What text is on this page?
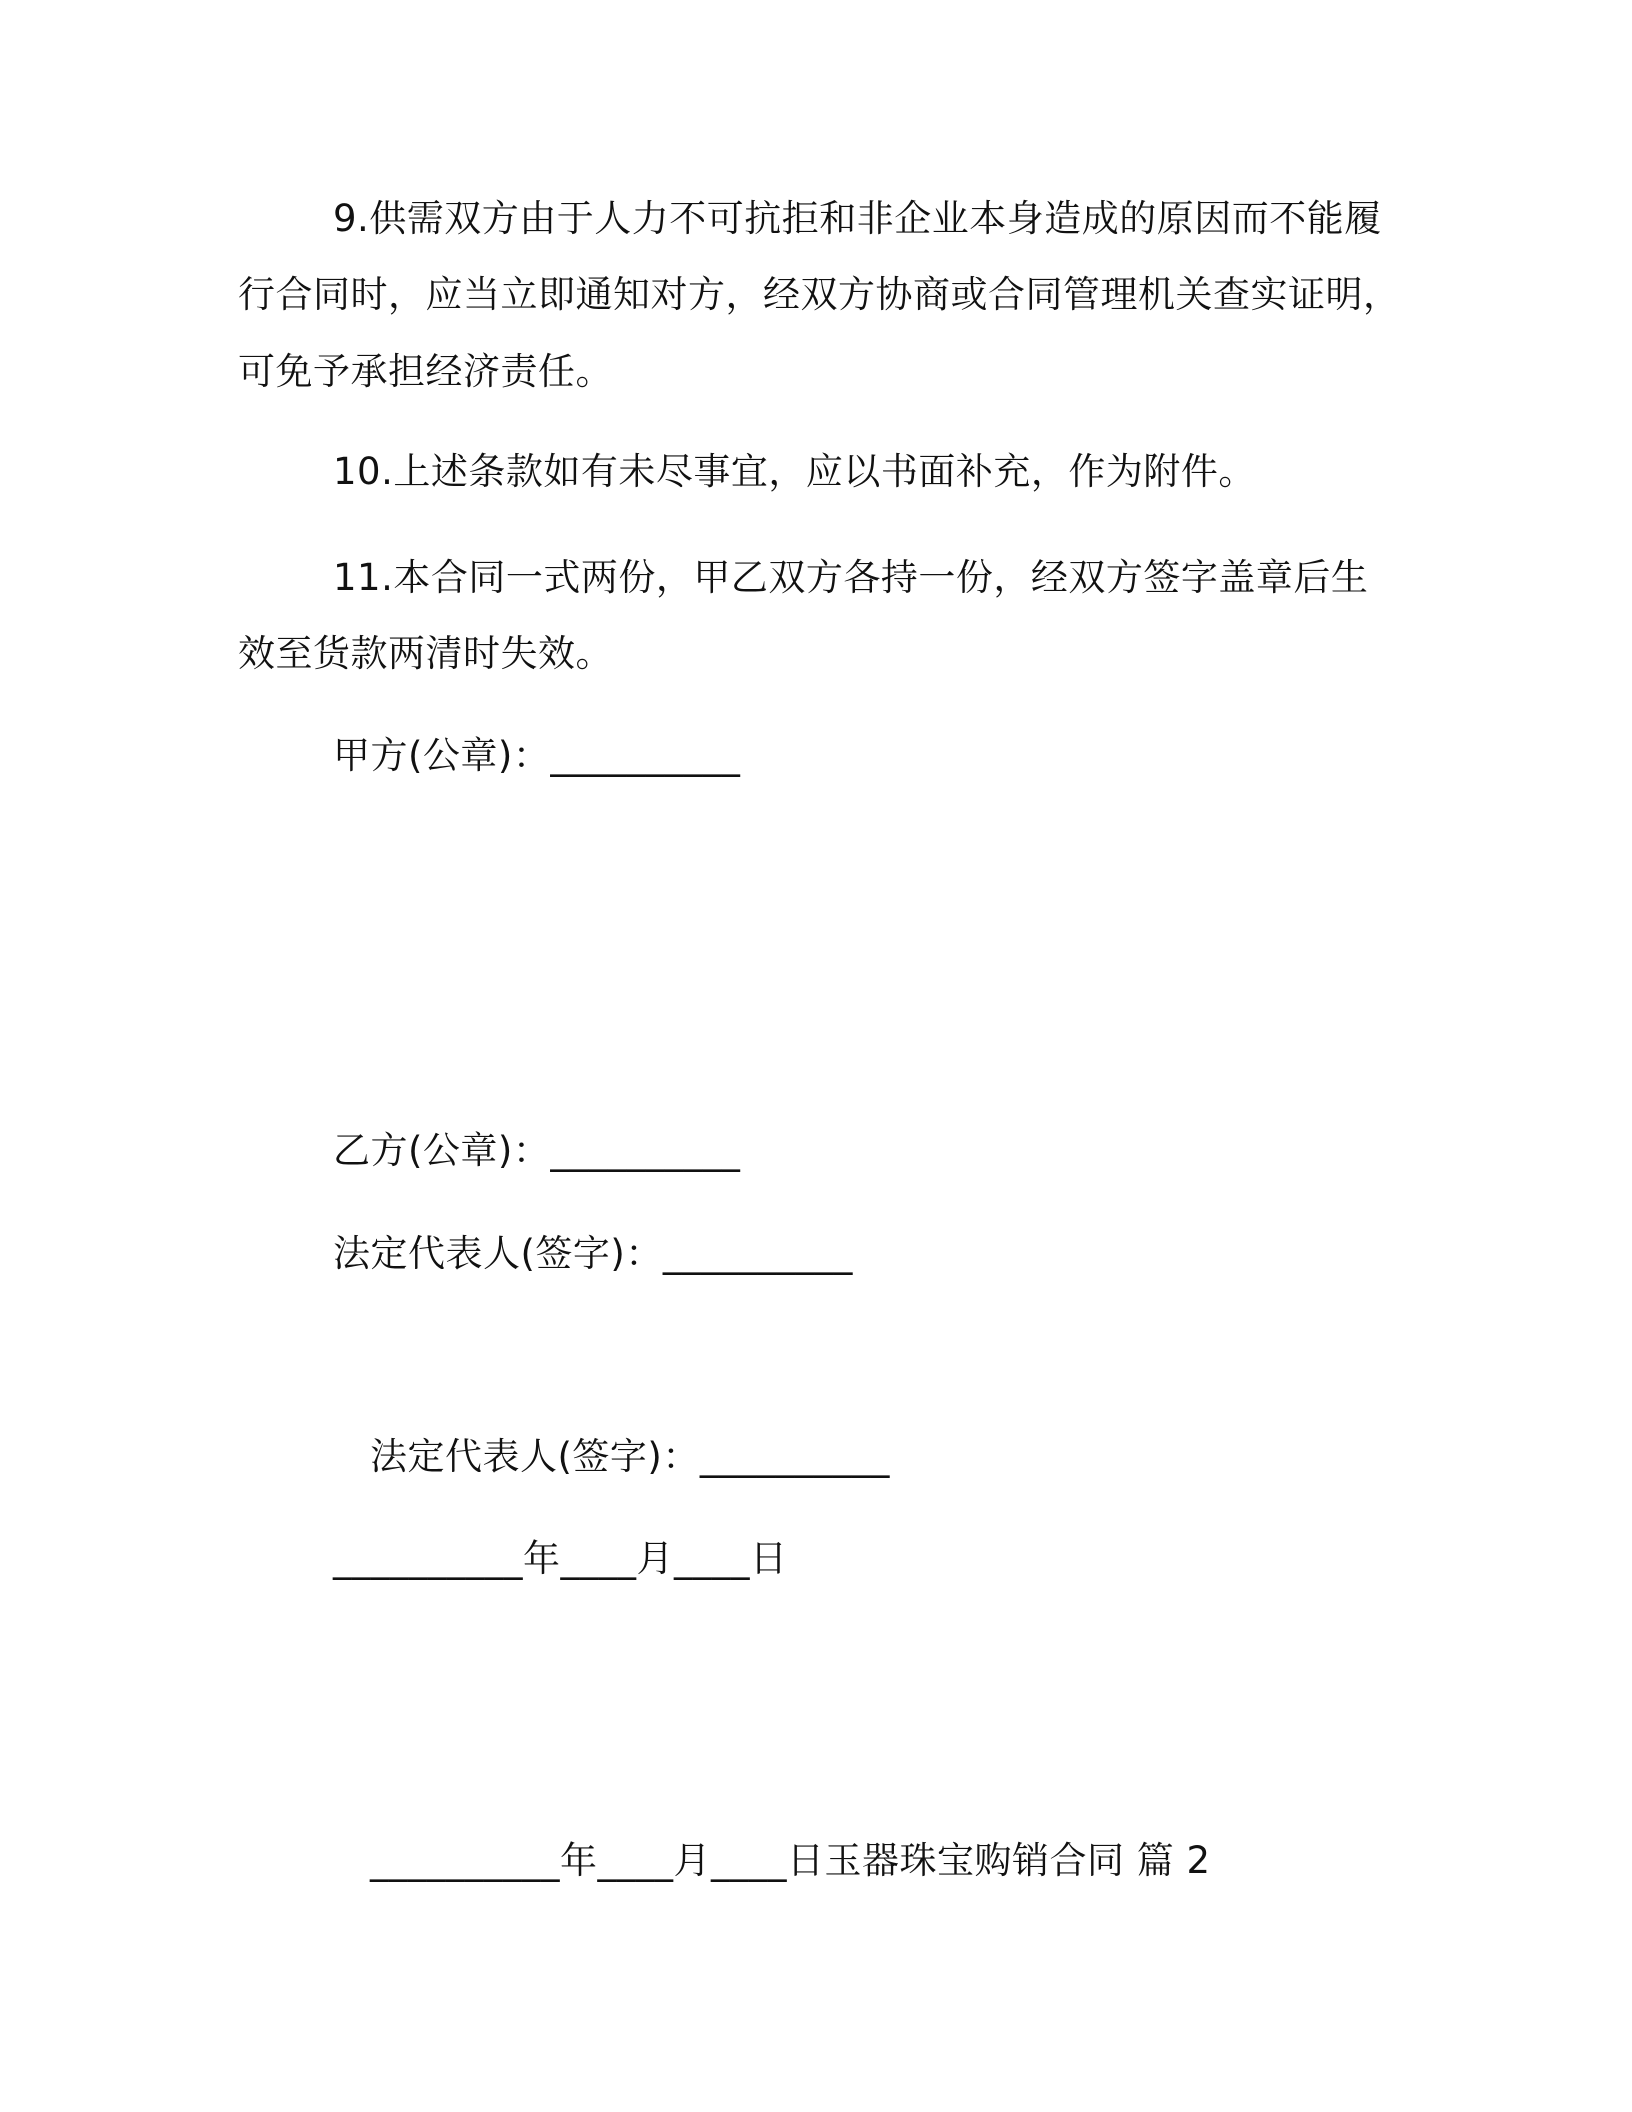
9.供需双方由于人力不可抗拒和非企业本身造成的原因而不能履
行合同时，应当立即通知对方，经双方协商或合同管理机关查实证明，
可免予承担经济责任。
10.上述条款如有未尽事宜，应以书面补充，作为附件。
11.本合同一式两份，甲乙双方各持一份，经双方签字盖章后生
效至货款两清时失效。
甲方(公章)：__________
乙方(公章)：__________
法定代表人(签字)：__________
法定代表人(签字)：__________
__________年____月____日
__________年____月____日玉器珠宝购销合同 篇 2
